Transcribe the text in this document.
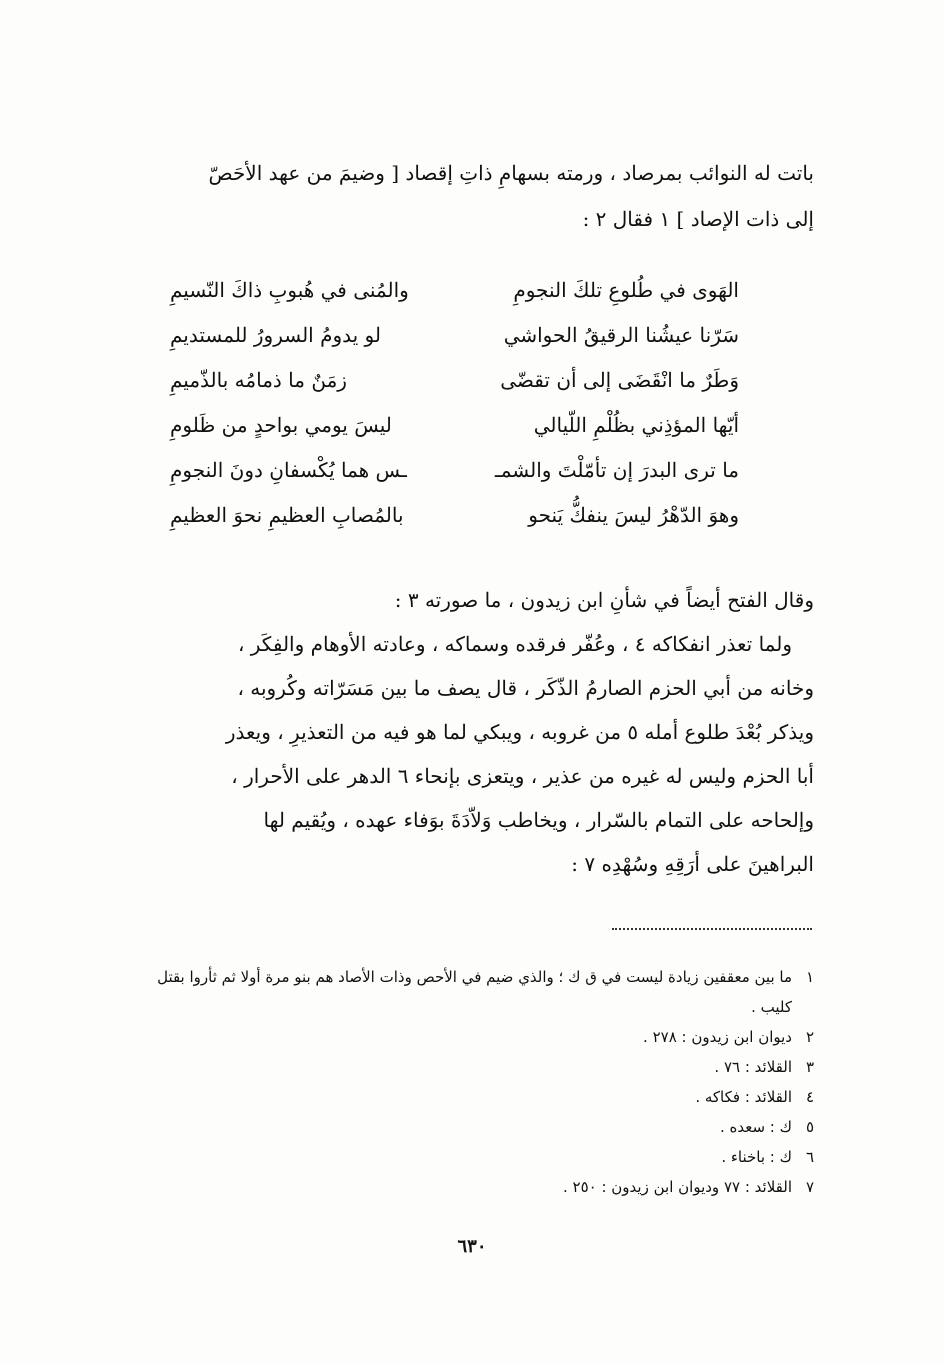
باتت له النوائب بمرصاد ، ورمته بسهامِ ذاتِ إقصاد [ وضيمَ من عهد الأحَصّ
إلى ذات الإصاد ] ١ فقال ٢ :
الهَوى في طُلوعِ تلكَ النجومِ
والمُنى في هُبوبِ ذاكَ النّسيمِ
سَرّنا عيشُنا الرقيقُ الحواشي
لو يدومُ السرورُ للمستديمِ
وَطَرٌ ما انْقَضَى إلى أن تقضّى
زمَنٌ ما ذمامُه بالذّميمِ
أيّها المؤذِني بظُلْمِ اللّيالي
ليسَ يومي بواحدٍ من ظَلومِ
ما ترى البدرَ إن تأمّلْتَ والشمـ
ـس هما يُكْسفانِ دونَ النجومِ
وهوَ الدّهْرُ ليسَ ينفكُّ يَنحو
بالمُصابِ العظيمِ نحوَ العظيمِ
وقال الفتح أيضاً في شأنِ ابن زيدون ، ما صورته ٣ :
ولما تعذر انفكاكه ٤ ، وعُفّر فرقده وسماكه ، وعادته الأوهام والفِكَر ،
وخانه من أبي الحزم الصارمُ الذّكَر ، قال يصف ما بين مَسَرّاته وكُروبه ،
ويذكر بُعْدَ طلوع أمله ٥ من غروبه ، ويبكي لما هو فيه من التعذيرِ ، ويعذر
أبا الحزم وليس له غيره من عذير ، ويتعزى بإنحاء ٦ الدهر على الأحرار ،
وإلحاحه على التمام بالسّرار ، ويخاطب وَلاّدَةَ بوَفاء عهده ، ويُقيم لها
البراهينَ على أرَقِهِ وسُهْدِه ٧ :
١
ما بين معقفين زيادة ليست في ق ك ؛ والذي ضيم في الأحص وذات الأصاد هم بنو مرة أولا ثم ثأروا بقتل كليب .
٢
ديوان ابن زيدون : ٢٧٨ .
٣
القلائد : ٧٦ .
٤
القلائد : فكاكه .
٥
ك : سعده .
٦
ك : باخناء .
٧
القلائد : ٧٧ وديوان ابن زيدون : ٢٥٠ .
٦٣٠
